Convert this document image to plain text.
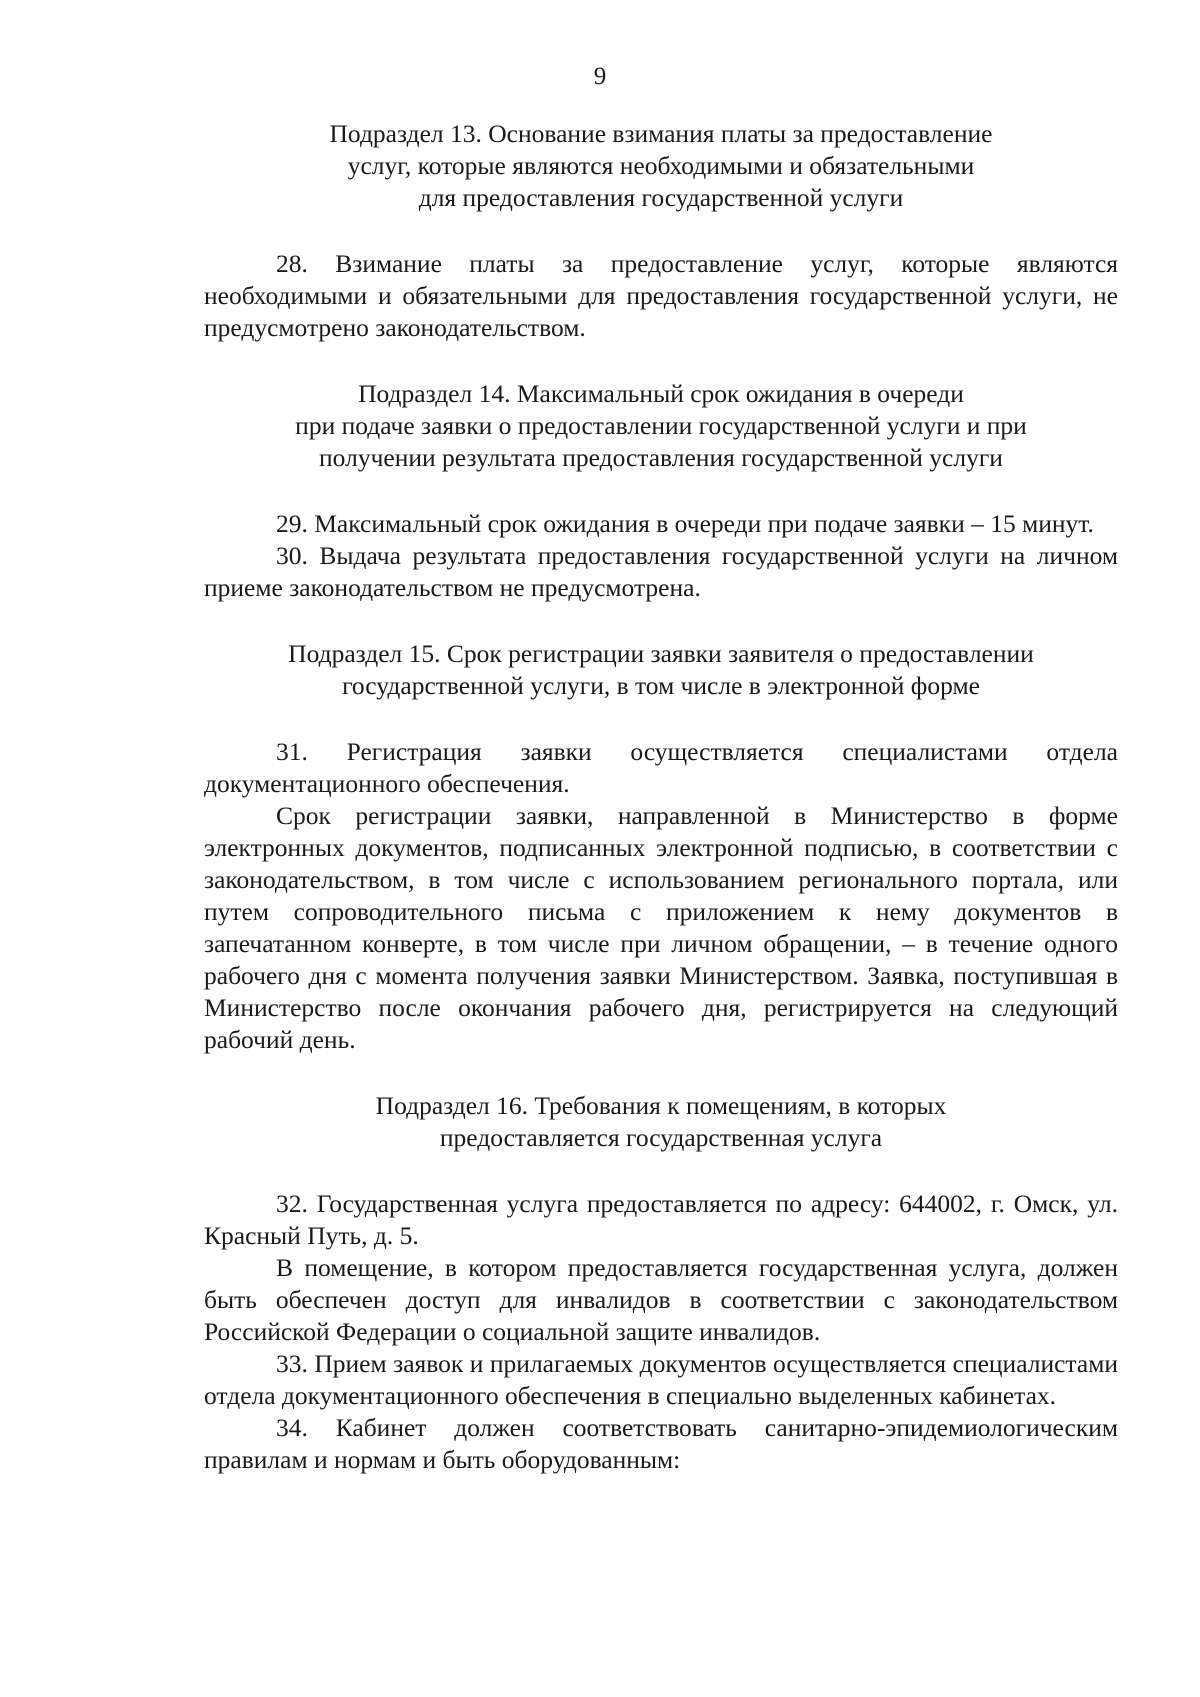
9
Подраздел 13. Основание взимания платы за предоставление
услуг, которые являются необходимыми и обязательными
для предоставления государственной услуги

28. Взимание платы за предоставление услуг, которые являются необходимыми и обязательными для предоставления государственной услуги, не предусмотрено законодательством.

Подраздел 14. Максимальный срок ожидания в очереди
при подаче заявки о предоставлении государственной услуги и при
получении результата предоставления государственной услуги

29. Максимальный срок ожидания в очереди при подаче заявки – 15 минут.

30. Выдача результата предоставления государственной услуги на личном приеме законодательством не предусмотрена.

Подраздел 15. Срок регистрации заявки заявителя о предоставлении
государственной услуги, в том числе в электронной форме

31. Регистрация заявки осуществляется специалистами отдела документационного обеспечения.

Срок регистрации заявки, направленной в Министерство в форме электронных документов, подписанных электронной подписью, в соответствии с законодательством, в том числе с использованием регионального портала, или путем сопроводительного письма с приложением к нему документов в запечатанном конверте, в том числе при личном обращении, – в течение одного рабочего дня с момента получения заявки Министерством. Заявка, поступившая в Министерство после окончания рабочего дня, регистрируется на следующий рабочий день.

Подраздел 16. Требования к помещениям, в которых
предоставляется государственная услуга

32. Государственная услуга предоставляется по адресу: 644002, г. Омск, ул. Красный Путь, д. 5.

В помещение, в котором предоставляется государственная услуга, должен быть обеспечен доступ для инвалидов в соответствии с законодательством Российской Федерации о социальной защите инвалидов.

33. Прием заявок и прилагаемых документов осуществляется специалистами отдела документационного обеспечения в специально выделенных кабинетах.

34. Кабинет должен соответствовать санитарно-эпидемиологическим правилам и нормам и быть оборудованным:
